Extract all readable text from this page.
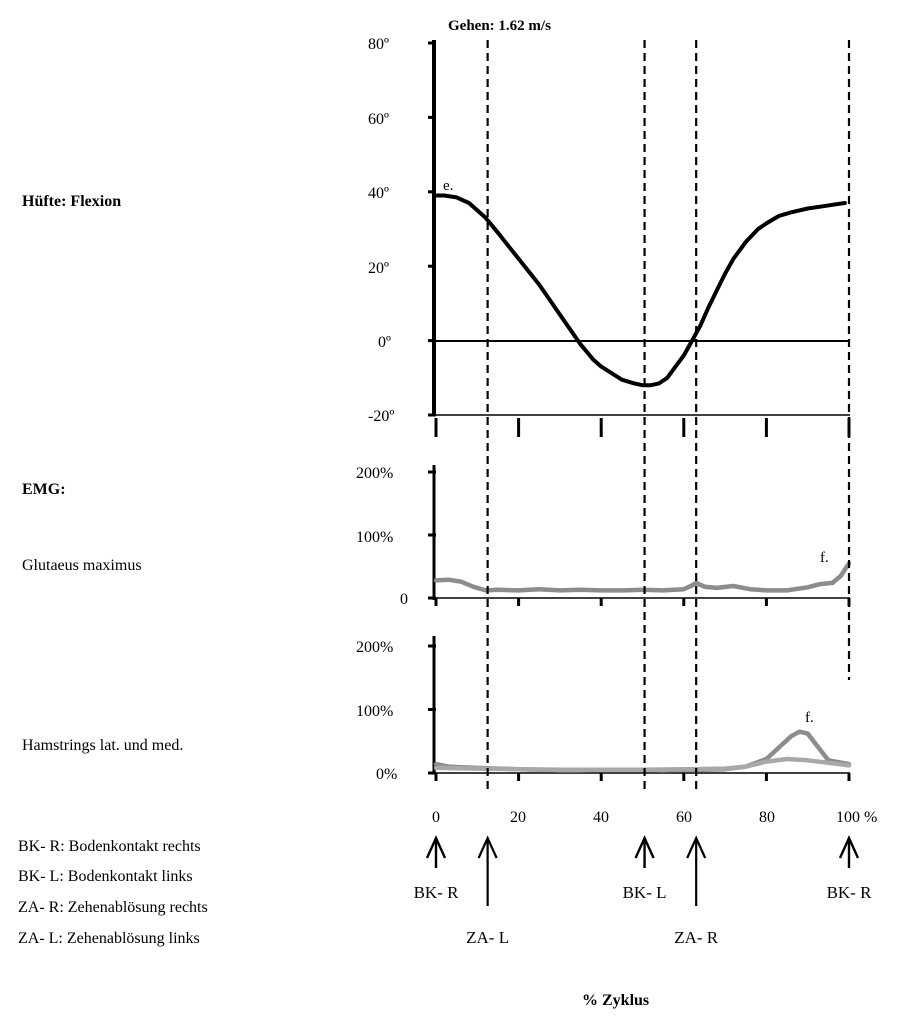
Gehen: 1.62 m/s
Hüfte: Flexion
EMG:
Glutaeus maximus
Hamstrings lat. und med.
80º
60º
40º
20º
0º
-20º
e.
200%
100%
0
f.
200%
100%
0%
f.
0	20	40	60	80	100 %
BK- R
ZA- L
BK- L
ZA- R
BK- R
BK- R: Bodenkontakt rechts
BK- L: Bodenkontakt links
ZA- R: Zehenablösung rechts
ZA- L: Zehenablösung links
% Zyklus
